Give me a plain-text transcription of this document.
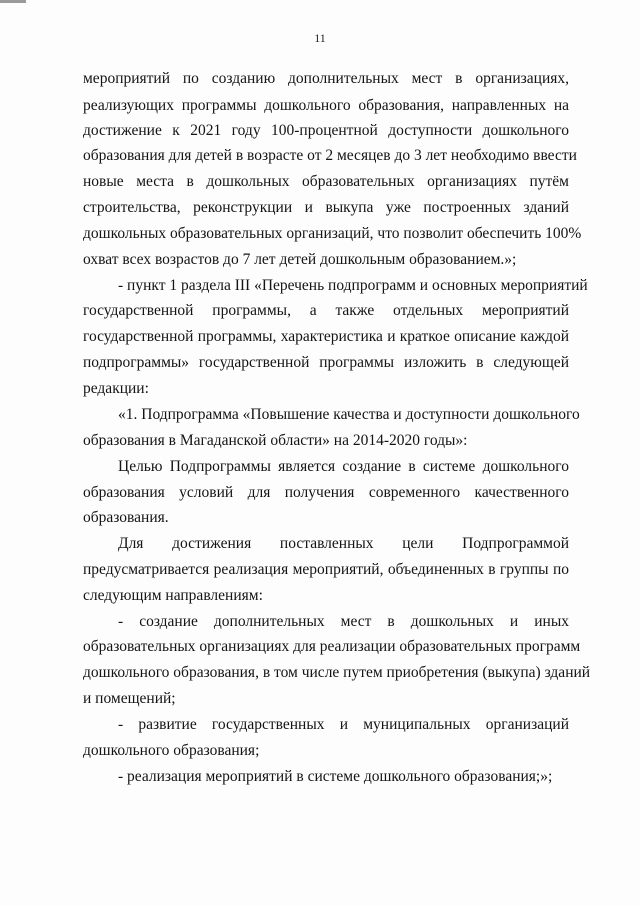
11
мероприятий по созданию дополнительных мест в организациях,
реализующих программы дошкольного образования, направленных на
достижение к 2021 году 100-процентной доступности дошкольного
образования для детей в возрасте от 2 месяцев до 3 лет необходимо ввести
новые места в дошкольных образовательных организациях путём
строительства, реконструкции и выкупа уже построенных зданий
дошкольных образовательных организаций, что позволит обеспечить 100%
охват всех возрастов до 7 лет детей дошкольным образованием.»;
- пункт 1 раздела III «Перечень подпрограмм и основных мероприятий
государственной программы, а также отдельных мероприятий
государственной программы, характеристика и краткое описание каждой
подпрограммы» государственной программы изложить в следующей
редакции:
«1. Подпрограмма «Повышение качества и доступности дошкольного
образования в Магаданской области» на 2014-2020 годы»:
Целью Подпрограммы является создание в системе дошкольного
образования условий для получения современного качественного
образования.
Для достижения поставленных цели Подпрограммой
предусматривается реализация мероприятий, объединенных в группы по
следующим направлениям:
- создание дополнительных мест в дошкольных и иных
образовательных организациях для реализации образовательных программ
дошкольного образования, в том числе путем приобретения (выкупа) зданий
и помещений;
- развитие государственных и муниципальных организаций
дошкольного образования;
- реализация мероприятий в системе дошкольного образования;»;
